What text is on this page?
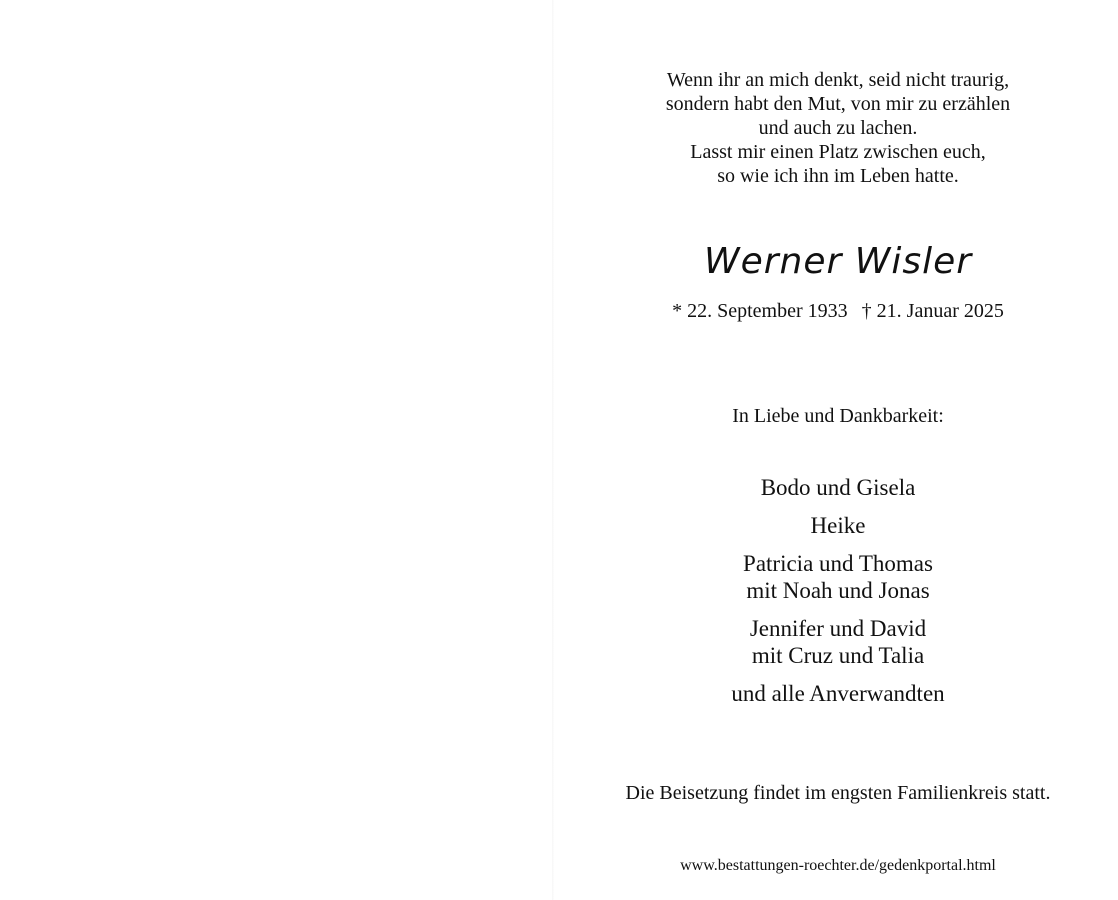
Wenn ihr an mich denkt, seid nicht traurig,
sondern habt den Mut, von mir zu erzählen
und auch zu lachen.
Lasst mir einen Platz zwischen euch,
so wie ich ihn im Leben hatte.
Werner Wisler
* 22. September 1933 † 21. Januar 2025
In Liebe und Dankbarkeit:
Bodo und Gisela
Heike
Patricia und Thomas
mit Noah und Jonas
Jennifer und David
mit Cruz und Talia
und alle Anverwandten
Die Beisetzung findet im engsten Familienkreis statt.
www.bestattungen-roechter.de/gedenkportal.html
